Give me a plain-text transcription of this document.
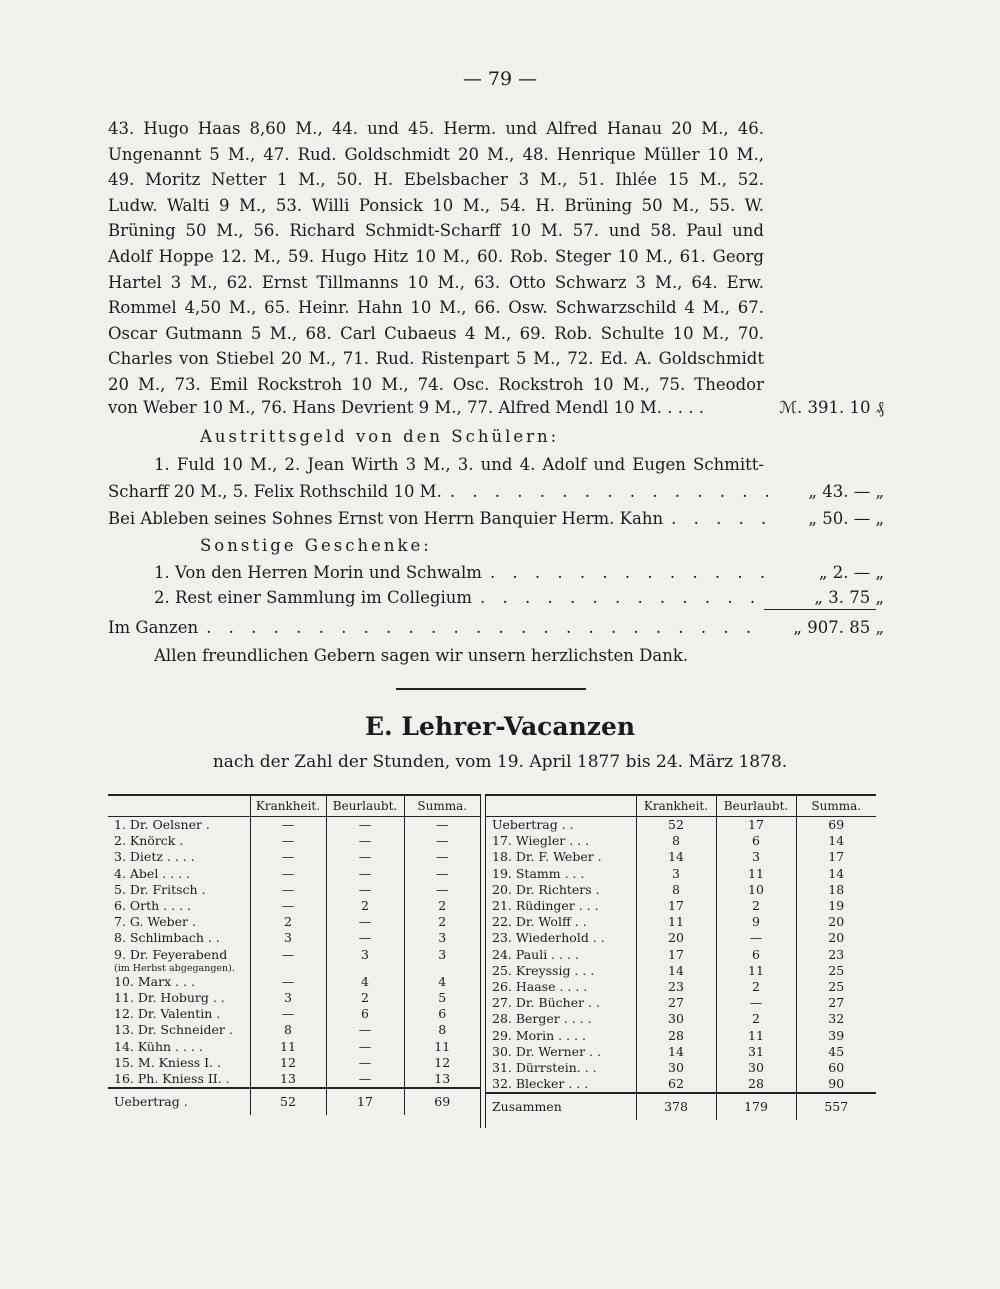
— 79 —
43. Hugo Haas 8,60 M., 44. und 45. Herm. und Alfred Hanau 20 M., 46.
Ungenannt 5 M., 47. Rud. Goldschmidt 20 M., 48. Henrique Müller 10 M.,
49. Moritz Netter 1 M., 50. H. Ebelsbacher 3 M., 51. Ihlée 15 M., 52.
Ludw. Walti 9 M., 53. Willi Ponsick 10 M., 54. H. Brüning 50 M., 55. W.
Brüning 50 M., 56. Richard Schmidt-Scharff 10 M. 57. und 58. Paul und
Adolf Hoppe 12. M., 59. Hugo Hitz 10 M., 60. Rob. Steger 10 M., 61. Georg
Hartel 3 M., 62. Ernst Tillmanns 10 M., 63. Otto Schwarz 3 M., 64. Erw.
Rommel 4,50 M., 65. Heinr. Hahn 10 M., 66. Osw. Schwarzschild 4 M., 67.
Oscar Gutmann 5 M., 68. Carl Cubaeus 4 M., 69. Rob. Schulte 10 M., 70.
Charles von Stiebel 20 M., 71. Rud. Ristenpart 5 M., 72. Ed. A. Goldschmidt
20 M., 73. Emil Rockstroh 10 M., 74. Osc. Rockstroh 10 M., 75. Theodor
von Weber 10 M., 76. Hans Devrient 9 M., 77. Alfred Mendl 10 M. . . . .	ℳ. 391. 10 ₰
Austrittsgeld von den Schülern:
1. Fuld 10 M., 2. Jean Wirth 3 M., 3. und 4. Adolf und Eugen Schmitt-
Scharff 20 M., 5. Felix Rothschild 10 M. . . .	„ 43. — „
Bei Ableben seines Sohnes Ernst von Herrn Banquier Herm. Kahn . . .	„ 50. — „
Sonstige Geschenke:
1. Von den Herren Morin und Schwalm . . .	„ 2. — „
2. Rest einer Sammlung im Collegium . . .	„ 3. 75 „
Im Ganzen . . .	„ 907. 85 „
Allen freundlichen Gebern sagen wir unsern herzlichsten Dank.
E. Lehrer-Vacanzen
nach der Zahl der Stunden, vom 19. April 1877 bis 24. März 1878.
	Krankheit.	Beurlaubt.	Summa.
1. Dr. Oelsner .	—	—	—
2. Knörck .	—	—	—
3. Dietz . . . .	—	—	—
4. Abel . . . .	—	—	—
5. Dr. Fritsch .	—	—	—
6. Orth . . . .	—	2	2
7. G. Weber .	2	—	2
8. Schlimbach . .	3	—	3
9. Dr. Feyerabend	—	3	3
(im Herbst abgegangen).			
10. Marx . . .	—	4	4
11. Dr. Hoburg . .	3	2	5
12. Dr. Valentin .	—	6	6
13. Dr. Schneider .	8	—	8
14. Kühn . . . .	11	—	11
15. M. Kniess I. .	12	—	12
16. Ph. Kniess II. .	13	—	13
Uebertrag .	52	17	69
	Krankheit.	Beurlaubt.	Summa.
Uebertrag . .	52	17	69
17. Wiegler . . .	8	6	14
18. Dr. F. Weber .	14	3	17
19. Stamm . . .	3	11	14
20. Dr. Richters .	8	10	18
21. Rüdinger . . .	17	2	19
22. Dr. Wolff . .	11	9	20
23. Wiederhold . .	20	—	20
24. Pauli . . . .	17	6	23
25. Kreyssig . . .	14	11	25
26. Haase . . . .	23	2	25
27. Dr. Bücher . .	27	—	27
28. Berger . . . .	30	2	32
29. Morin . . . .	28	11	39
30. Dr. Werner . .	14	31	45
31. Dürrstein. . .	30	30	60
32. Blecker . . .	62	28	90
Zusammen	378	179	557
